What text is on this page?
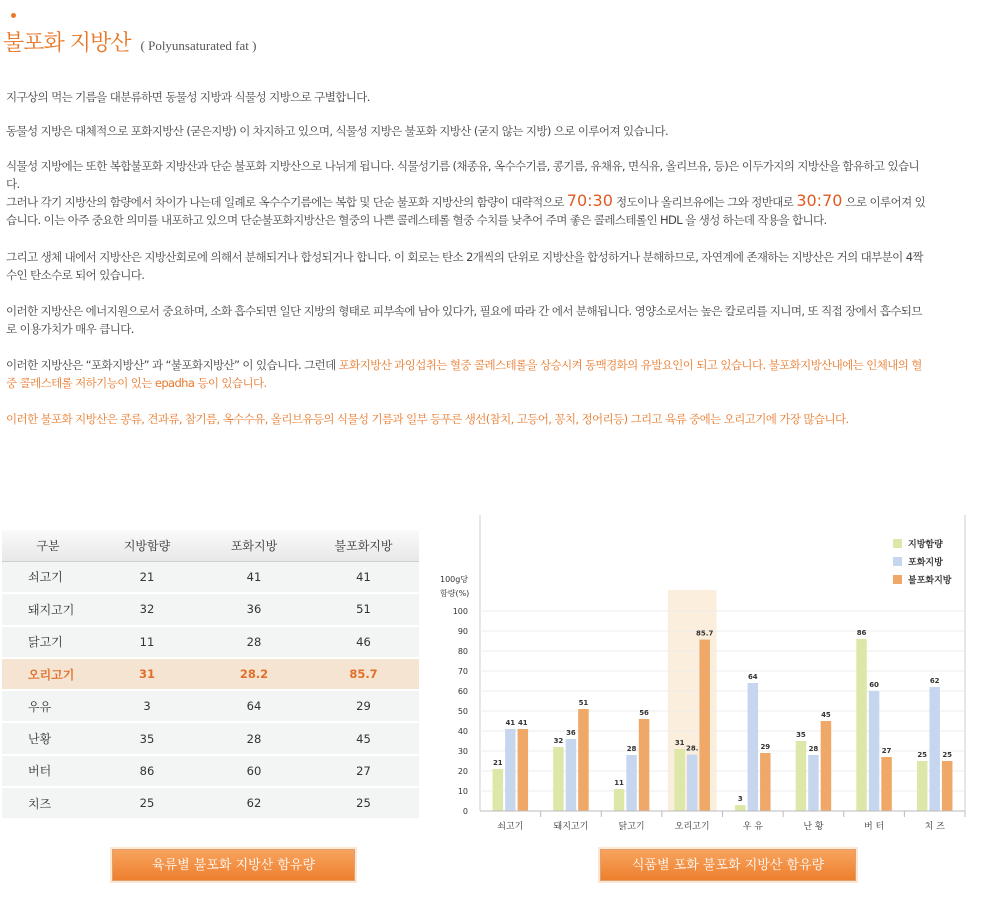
불포화 지방산 ( Polyunsaturated fat )

지구상의 먹는 기름을 대분류하면 동물성 지방과 식물성 지방으로 구별합니다.

동물성 지방은 대체적으로 포화지방산 (굳은지방) 이 차지하고 있으며, 식물성 지방은 불포화 지방산 (굳지 않는 지방) 으로 이루어져 있습니다.

식물성 지방에는 또한 복합불포화 지방산과 단순 불포화 지방산으로 나뉘게 됩니다. 식물성기름 (채종유, 옥수수기름, 콩기름, 유채유, 면식유, 올리브유, 등)은 이두가지의 지방산을 함유하고 있습니다.

그러나 각기 지방산의 함량에서 차이가 나는데 일례로 옥수수기름에는 복합 및 단순 불포화 지방산의 함량이 대략적으로 70:30 정도이나 올리브유에는 그와 정반대로 30:70 으로 이루어져 있습니다. 이는 아주 중요한 의미를 내포하고 있으며 단순불포화지방산은 혈중의 나쁜 콜레스테롤 혈중 수치를 낮추어 주며 좋은 콜레스테롤인 HDL 을 생성 하는데 작용을 합니다.

그리고 생체 내에서 지방산은 지방산회로에 의해서 분해되거나 합성되거나 합니다. 이 회로는 탄소 2개씩의 단위로 지방산을 합성하거나 분해하므로, 자연계에 존재하는 지방산은 거의 대부분이 4짝수인 탄소수로 되어 있습니다.

이러한 지방산은 에너지원으로서 중요하며, 소화 흡수되면 일단 지방의 형태로 피부속에 남아 있다가, 필요에 따라 간 에서 분해됩니다. 영양소로서는 높은 칼로리를 지니며, 또 직접 장에서 흡수되므로 이용가치가 매우 큽니다.

이러한 지방산은 “포화지방산” 과 “불포화지방산” 이 있습니다. 그런데 포화지방산 과잉섭취는 혈중 콜레스테롤을 상승시켜 동맥경화의 유발요인이 되고 있습니다. 불포화지방산내에는 인체내의 혈중 콜레스테롤 저하기능이 있는 epadha 등이 있습니다.

이러한 불포화 지방산은 콩류, 견과류, 참기름, 옥수수유, 올리브유등의 식물성 기름과 일부 등푸른 생선(참치, 고등어, 꽁치, 정어리등) 그리고 육류 중에는 오리고기에 가장 많습니다.

구분	지방함량	포화지방	불포화지방
쇠고기	21	41	41
돼지고기	32	36	51
닭고기	11	28	46
오리고기	31	28.2	85.7
우유	3	64	29
난황	35	28	45
버터	86	60	27
치즈	25	62	25
육류별 불포화 지방산 함유량	식품별 포화 불포화 지방산 함유량
0
10
20
30
40
50
60
70
80
90
100
100g당
함량(%)
21
41 41
쇠고기
32
36
51
돼지고기
11
28
56
닭고기
31
28.
85.7
오리고기
3
64
29
우 유
35
28
45
난 황
86
60
27
버 터
25
62
25
치 즈
지방함량
포화지방
불포화지방
